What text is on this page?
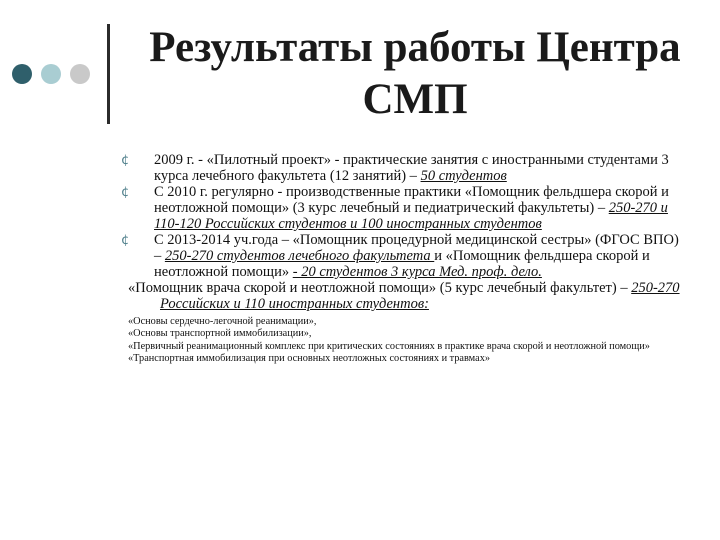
Результаты работы Центра
СМП
¢ 2009 г. - «Пилотный проект» - практические занятия с иностранными студентами 3 курса лечебного факультета (12 занятий) – 50 студентов
¢ С 2010 г. регулярно - производственные практики «Помощник фельдшера скорой и неотложной помощи» (3 курс лечебный и педиатрический факультеты) – 250-270 и 110-120 Российских студентов и 100 иностранных студентов
¢ С 2013-2014 уч.года – «Помощник процедурной медицинской сестры» (ФГОС ВПО) – 250-270 студентов лечебного факультета и «Помощник фельдшера скорой и неотложной помощи» - 20 студентов 3 курса Мед. проф. дело.
«Помощник врача скорой и неотложной помощи» (5 курс лечебный факультет) – 250-270 Российских и 110 иностранных студентов:
«Основы сердечно-легочной реанимации»,
«Основы транспортной иммобилизации»,
«Первичный реанимационный комплекс при критических состояниях в практике врача скорой и неотложной помощи»
«Транспортная иммобилизация при основных неотложных состояниях и травмах»
